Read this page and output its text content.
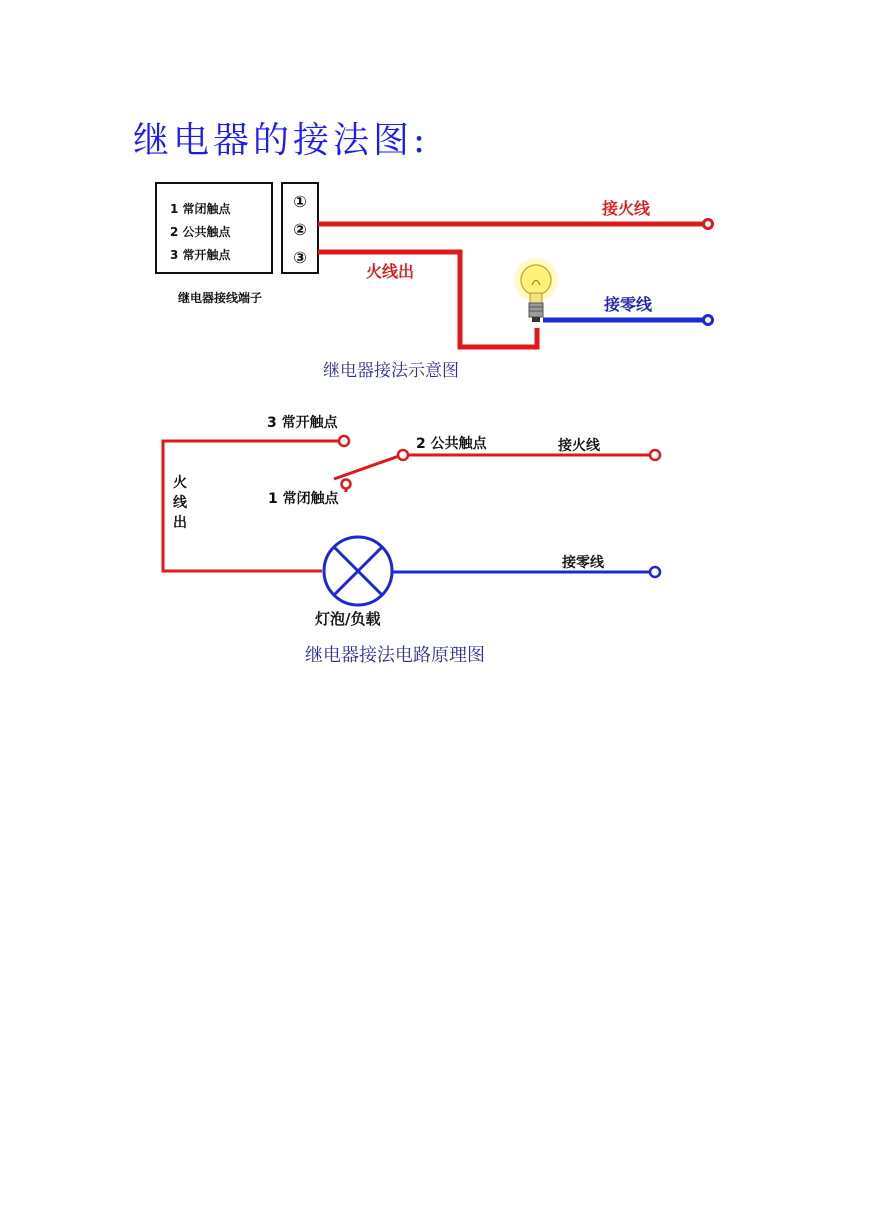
继电器的接法图:
1 常闭触点
2 公共触点
3 常开触点
①
②
③
继电器接线端子
接火线
火线出
接零线
继电器接法示意图
3 常开触点
1 常闭触点
2 公共触点	接火线
火
线
出
灯泡/负载
接零线
继电器接法电路原理图
